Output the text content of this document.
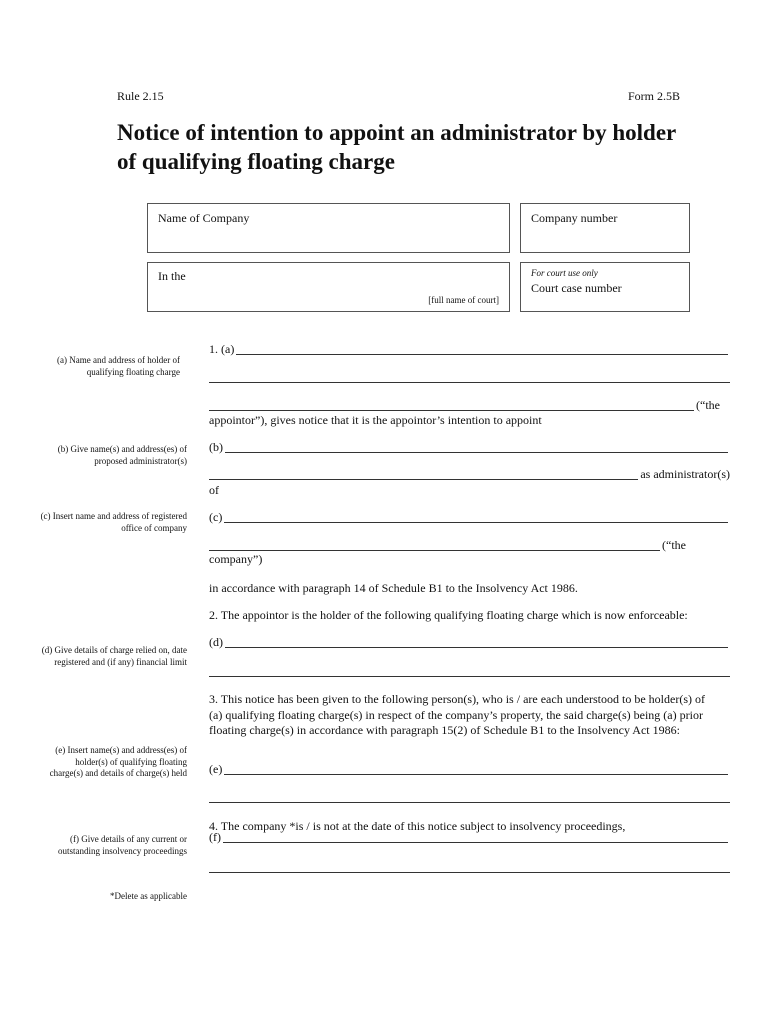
Rule 2.15	Form 2.5B
Notice of intention to appoint an administrator by holder of qualifying floating charge
Name of Company	Company number
In the
[full name of court]
For court use only
Court case number
(a) Name and address of holder of qualifying floating charge
(b) Give name(s) and address(es) of proposed administrator(s)
(c) Insert name and address of registered office of company
(d) Give details of charge relied on, date registered and (if any) financial limit
(e) Insert name(s) and address(es) of holder(s) of qualifying floating charge(s) and details of charge(s) held
(f) Give details of any current or outstanding insolvency proceedings
*Delete as applicable
1. (a)
(“the
appointor”), gives notice that it is the appointor’s intention to appoint
(b)
as administrator(s)
of
(c)
(“the
company”)
in accordance with paragraph 14 of Schedule B1 to the Insolvency Act 1986.
2. The appointor is the holder of the following qualifying floating charge which is now enforceable:
(d)
3. This notice has been given to the following person(s), who is / are each understood to be holder(s) of (a) qualifying floating charge(s) in respect of the company’s property, the said charge(s) being (a) prior floating charge(s) in accordance with paragraph 15(2) of Schedule B1 to the Insolvency Act 1986:
(e)
4. The company *is / is not at the date of this notice subject to insolvency proceedings,
(f)
